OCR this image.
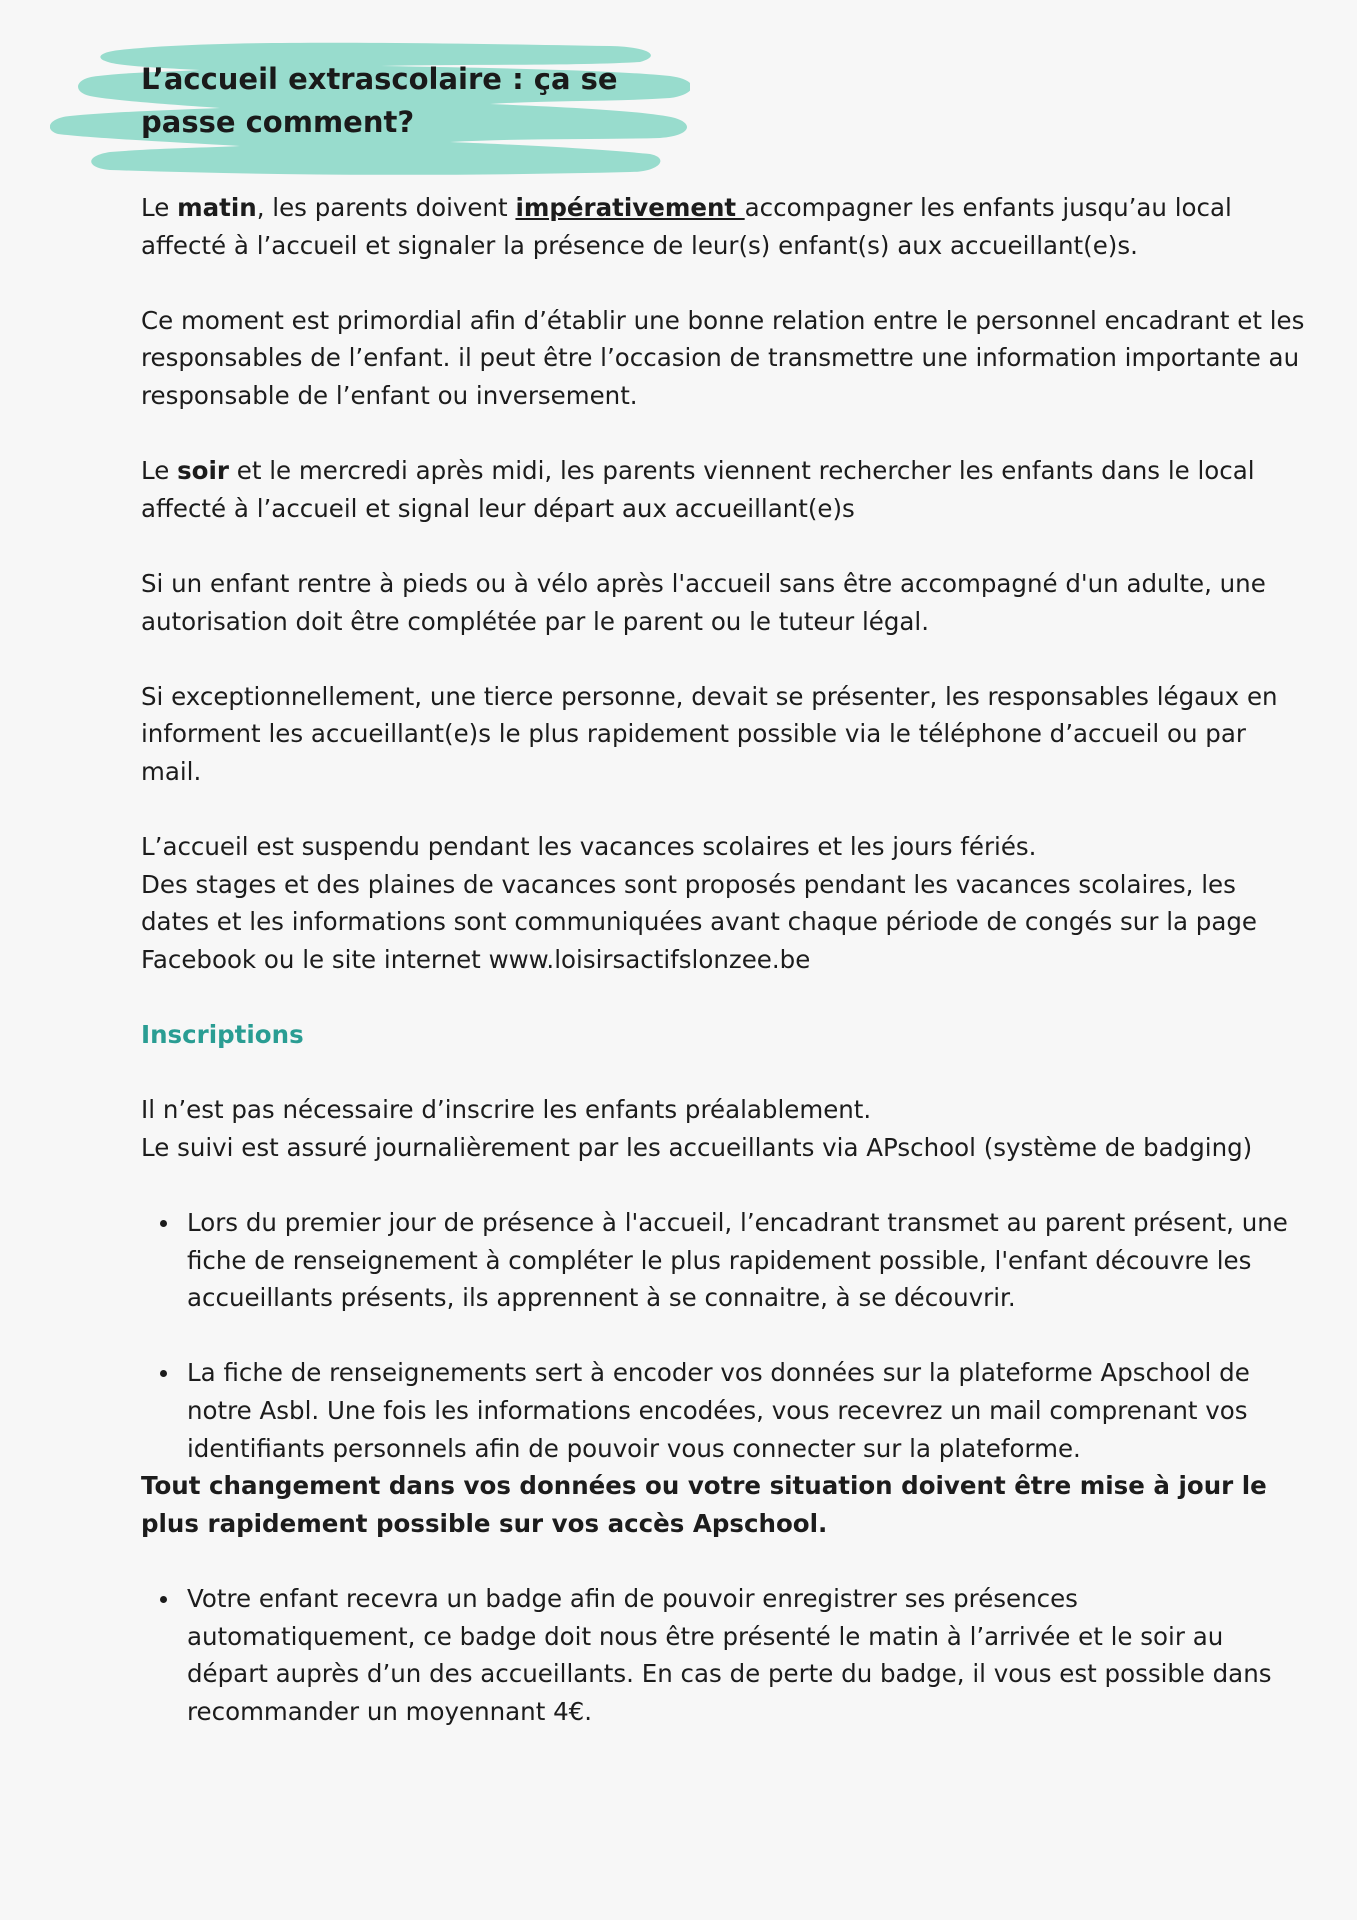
L’accueil extrascolaire : ça se passe comment?

Le matin, les parents doivent impérativement accompagner les enfants jusqu’au local affecté à l’accueil et signaler la présence de leur(s) enfant(s) aux accueillant(e)s.

Ce moment est primordial afin d’établir une bonne relation entre le personnel encadrant et les responsables de l’enfant. il peut être l’occasion de transmettre une information importante au responsable de l’enfant ou inversement.

Le soir et le mercredi après midi, les parents viennent rechercher les enfants dans le local affecté à l’accueil et signal leur départ aux accueillant(e)s

Si un enfant rentre à pieds ou à vélo après l'accueil sans être accompagné d'un adulte, une autorisation doit être complétée par le parent ou le tuteur légal.

Si exceptionnellement, une tierce personne, devait se présenter, les responsables légaux en informent les accueillant(e)s le plus rapidement possible via le téléphone d’accueil ou par mail.

L’accueil est suspendu pendant les vacances scolaires et les jours fériés.

Des stages et des plaines de vacances sont proposés pendant les vacances scolaires, les dates et les informations sont communiquées avant chaque période de congés sur la page Facebook ou le site internet www.loisirsactifslonzee.be

Inscriptions

Il n’est pas nécessaire d’inscrire les enfants préalablement.

Le suivi est assuré journalièrement par les accueillants via APschool (système de badging)

Lors du premier jour de présence à l'accueil, l’encadrant transmet au parent présent, une fiche de renseignement à compléter le plus rapidement possible, l'enfant découvre les accueillants présents, ils apprennent à se connaitre, à se découvrir.
La fiche de renseignements sert à encoder vos données sur la plateforme Apschool de notre Asbl. Une fois les informations encodées, vous recevrez un mail comprenant vos identifiants personnels afin de pouvoir vous connecter sur la plateforme.
Tout changement dans vos données ou votre situation doivent être mise à jour le plus rapidement possible sur vos accès Apschool.
Votre enfant recevra un badge afin de pouvoir enregistrer ses présences automatiquement, ce badge doit nous être présenté le matin à l’arrivée et le soir au départ auprès d’un des accueillants. En cas de perte du badge, il vous est possible dans recommander un moyennant 4€.
